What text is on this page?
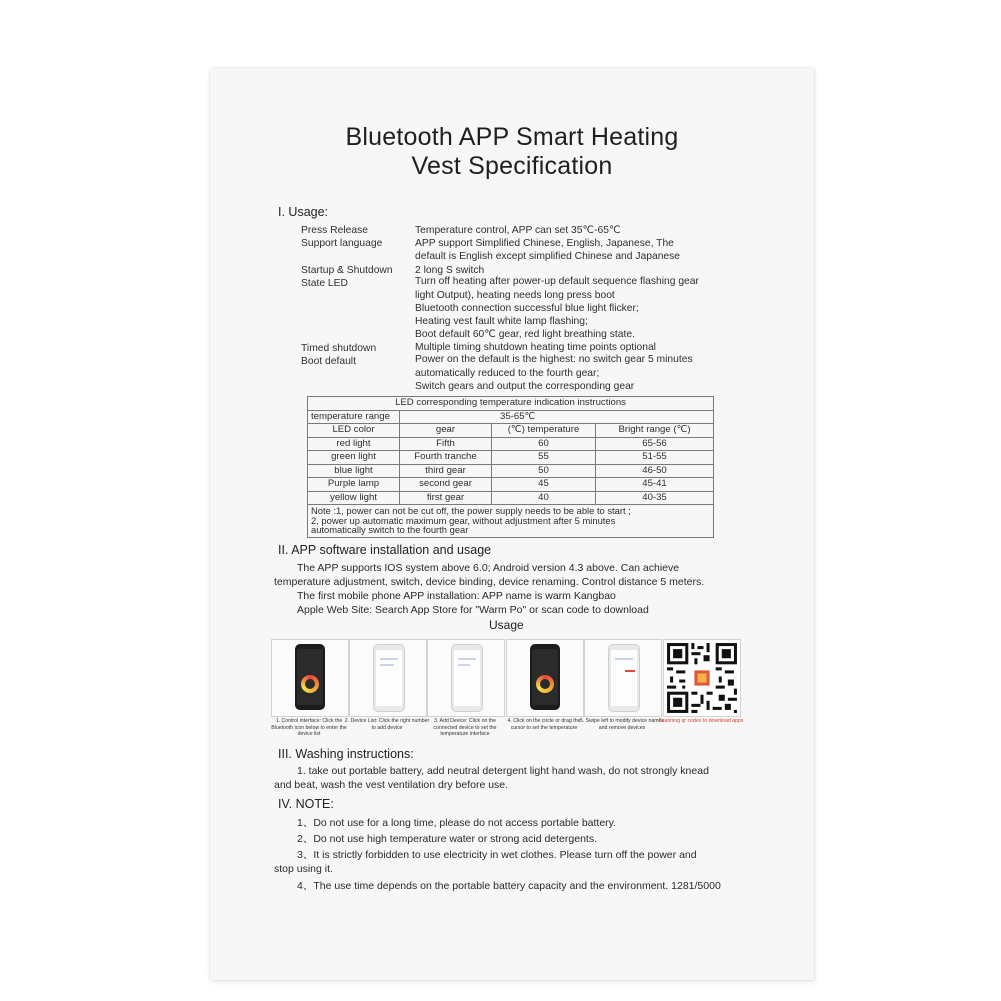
Bluetooth APP Smart Heating
Vest Specification
I. Usage:
Press Release	Temperature control, APP can set 35℃-65℃
Support language	APP support Simplified Chinese, English, Japanese, The
default is English except simplified Chinese and Japanese
Startup & Shutdown 2 long S switch
State LED	Turn off heating after power-up default sequence flashing gear
light Output), heating needs long press boot
Bluetooth connection successful blue light flicker;
Heating vest fault white lamp flashing;
Boot default 60℃ gear, red light breathing state.
Timed shutdown	Multiple timing shutdown heating time points optional
Boot default	Power on the default is the highest: no switch gear 5 minutes
automatically reduced to the fourth gear;
Switch gears and output the corresponding gear
LED corresponding temperature indication instructions			
temperature range	35-65℃		
LED color	gear	(℃) temperature	Bright range (℃)
red light	Fifth	60	65-56
green light	Fourth tranche	55	51-55
blue light	third gear	50	46-50
Purple lamp	second gear	45	45-41
yellow light	first gear	40	40-35

Note :1, power can not be cut off, the power supply needs to be able to start ;
2, power up automatic maximum gear, without adjustment after 5 minutes
automatically switch to the fourth gear			
II. APP software installation and usage
The APP supports IOS system above 6.0; Android version 4.3 above. Can achieve
temperature adjustment, switch, device binding, device renaming. Control distance 5 meters.
The first mobile phone APP installation: APP name is warm Kangbao
Apple Web Site: Search App Store for "Warm Po" or scan code to download
Usage
1. Control interface: Click the Bluetooth icon below to enter the device list
2. Device List: Click the right number to add device
3. Add Device: Click on the connected device to set the temperature interface
4. Click on the circle or drag the cursor to set the temperature
5. Swipe left to modify device names and remove devices
Scanning qr codes to download apps
III. Washing instructions:
1. take out portable battery, add neutral detergent light hand wash, do not strongly knead
and beat, wash the vest ventilation dry before use.
IV. NOTE:
1、Do not use for a long time, please do not access portable battery.
2、Do not use high temperature water or strong acid detergents.
3、It is strictly forbidden to use electricity in wet clothes. Please turn off the power and
stop using it.
4、The use time depends on the portable battery capacity and the environment. 1281/5000
